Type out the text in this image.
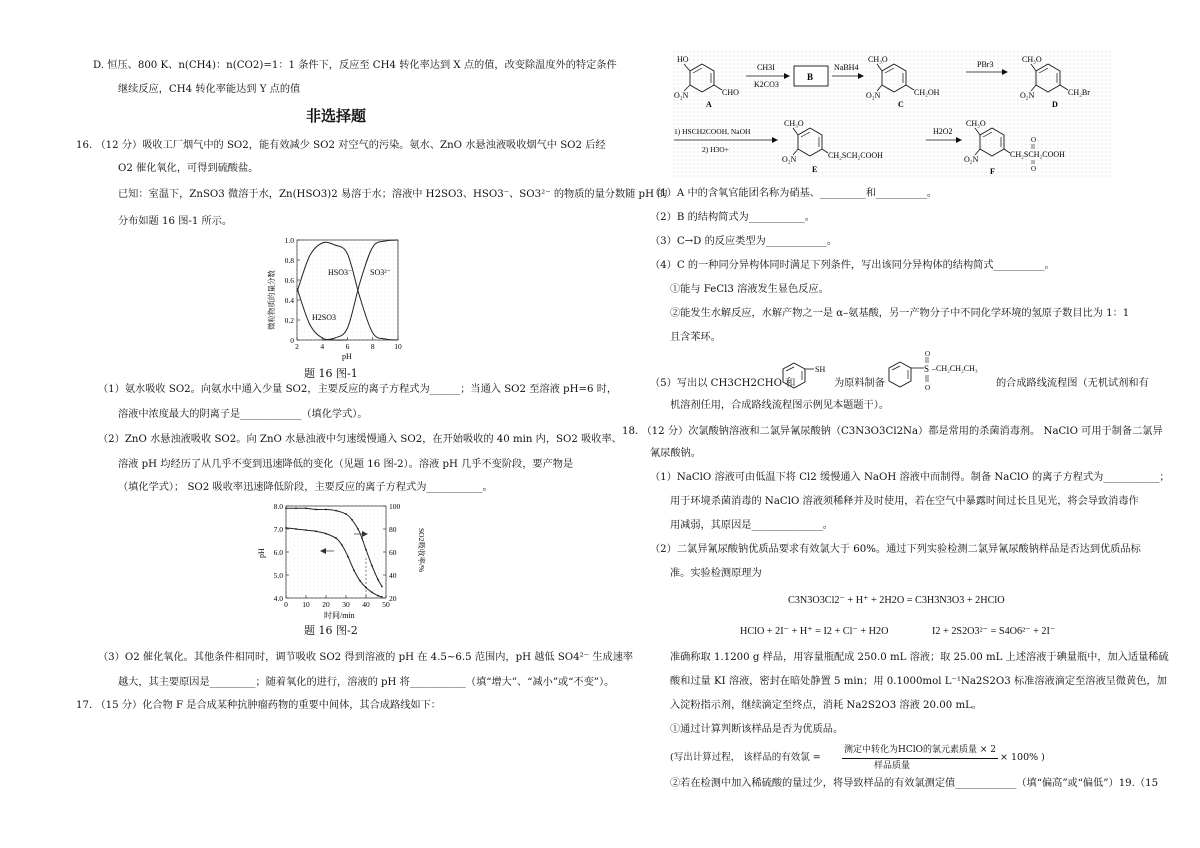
D. 恒压、800 K、n(CH4)：n(CO2)=1：1 条件下，反应至 CH4 转化率达到 X 点的值，改变除温度外的特定条件
继续反应，CH4 转化率能达到 Y 点的值
非选择题
16. （12 分）吸收工厂烟气中的 SO2，能有效减少 SO2 对空气的污染。氨水、ZnO 水悬浊液吸收烟气中 SO2 后经
O2 催化氧化，可得到硫酸盐。
已知：室温下，ZnSO3 微溶于水，Zn(HSO3)2 易溶于水；溶液中 H2SO3、HSO3⁻、SO3²⁻ 的物质的量分数随 pH 的
分布如题 16 图-1 所示。
0
0.2
0.4
0.6
0.8
1.0
2	4	6	8	10
微粒物质的量分数
pH
HSO3⁻ SO3²⁻
H2SO3
题 16 图-1
（1）氨水吸收 SO2。向氨水中通入少量 SO2，主要反应的离子方程式为______；当通入 SO2 至溶液 pH=6 时，
溶液中浓度最大的阴离子是____________（填化学式）。
（2）ZnO 水悬浊液吸收 SO2。向 ZnO 水悬浊液中匀速缓慢通入 SO2，在开始吸收的 40 min 内，SO2 吸收率、
溶液 pH 均经历了从几乎不变到迅速降低的变化（见题 16 图-2）。溶液 pH 几乎不变阶段，要产物是
（填化学式）； SO2 吸收率迅速降低阶段，主要反应的离子方程式为___________。
4.0
5.0
6.0
7.0
8.0
20
40
60
80
100
0 10 20 30 40 50
pH	SO2吸收率/%
时间/min
题 16 图-2
（3）O2 催化氧化。其他条件相同时，调节吸收 SO2 得到溶液的 pH 在 4.5~6.5 范围内，pH 越低 SO4²⁻ 生成速率
越大，其主要原因是_________；随着氧化的进行，溶液的 pH 将___________（填“增大”、“减小”或“不变”）。
17. （15 分）化合物 F 是合成某种抗肿瘤药物的重要中间体，其合成路线如下：
HO
O₂N	CHO
A
CH3I
K2CO3
B
NaBH4
CH₃O
O₂N	CH₂OH
C
PBr3
CH₃O
O₂N	CH₂Br
D
1) HSCH2COOH, NaOH
2) H3O+
CH₃O
O₂N	CH₂SCH₂COOH
E
H2O2
CH₃O
O₂N
CH₂SCH₂COOH
O
O
F
（1）A 中的含氧官能团名称为硝基、_________和__________。
（2）B 的结构简式为___________。
（3）C→D 的反应类型为____________。
（4）C 的一种同分异构体同时满足下列条件，写出该同分异构体的结构简式__________。
①能与 FeCl3 溶液发生显色反应。
②能发生水解反应，水解产物之一是 α–氨基酸，另一产物分子中不同化学环境的氢原子数目比为 1：1
且含苯环。
（5）写出以 CH3CH2CHO 和	为原料制备	的合成路线流程图（无机试剂和有
机溶剂任用，合成路线流程图示例见本题题干）。
SH	S
O
O
–CH₂CH₂CH₃
18. （12 分）次氯酸钠溶液和二氯异氰尿酸钠（C3N3O3Cl2Na）都是常用的杀菌消毒剂。 NaClO 可用于制备二氯异
氰尿酸钠。
（1）NaClO 溶液可由低温下将 Cl2 缓慢通入 NaOH 溶液中而制得。制备 NaClO 的离子方程式为___________；
用于环境杀菌消毒的 NaClO 溶液须稀释并及时使用，若在空气中暴露时间过长且见光，将会导致消毒作
用减弱，其原因是______________。
（2）二氯异氰尿酸钠优质品要求有效氯大于 60%。通过下列实验检测二氯异氰尿酸钠样品是否达到优质品标
准。实验检测原理为
C3N3O3Cl2⁻ + H⁺ + 2H2O = C3H3N3O3 + 2HClO
HClO + 2I⁻ + H⁺ = I2 + Cl⁻ + H2O	I2 + 2S2O3²⁻ = S4O6²⁻ + 2I⁻
准确称取 1.1200 g 样品，用容量瓶配成 250.0 mL 溶液；取 25.00 mL 上述溶液于碘量瓶中，加入适量稀硫
酸和过量 KI 溶液，密封在暗处静置 5 min；用 0.1000mol L⁻¹Na2S2O3 标准溶液滴定至溶液呈微黄色，加
入淀粉指示剂，继续滴定至终点，消耗 Na2S2O3 溶液 20.00 mL。
①通过计算判断该样品是否为优质品。
(写出计算过程， 该样品的有效氯 =
测定中转化为HClO的氯元素质量 × 2
样品质量
× 100% )
②若在检测中加入稀硫酸的量过少，将导致样品的有效氯测定值____________（填“偏高”或“偏低”）19.（15
